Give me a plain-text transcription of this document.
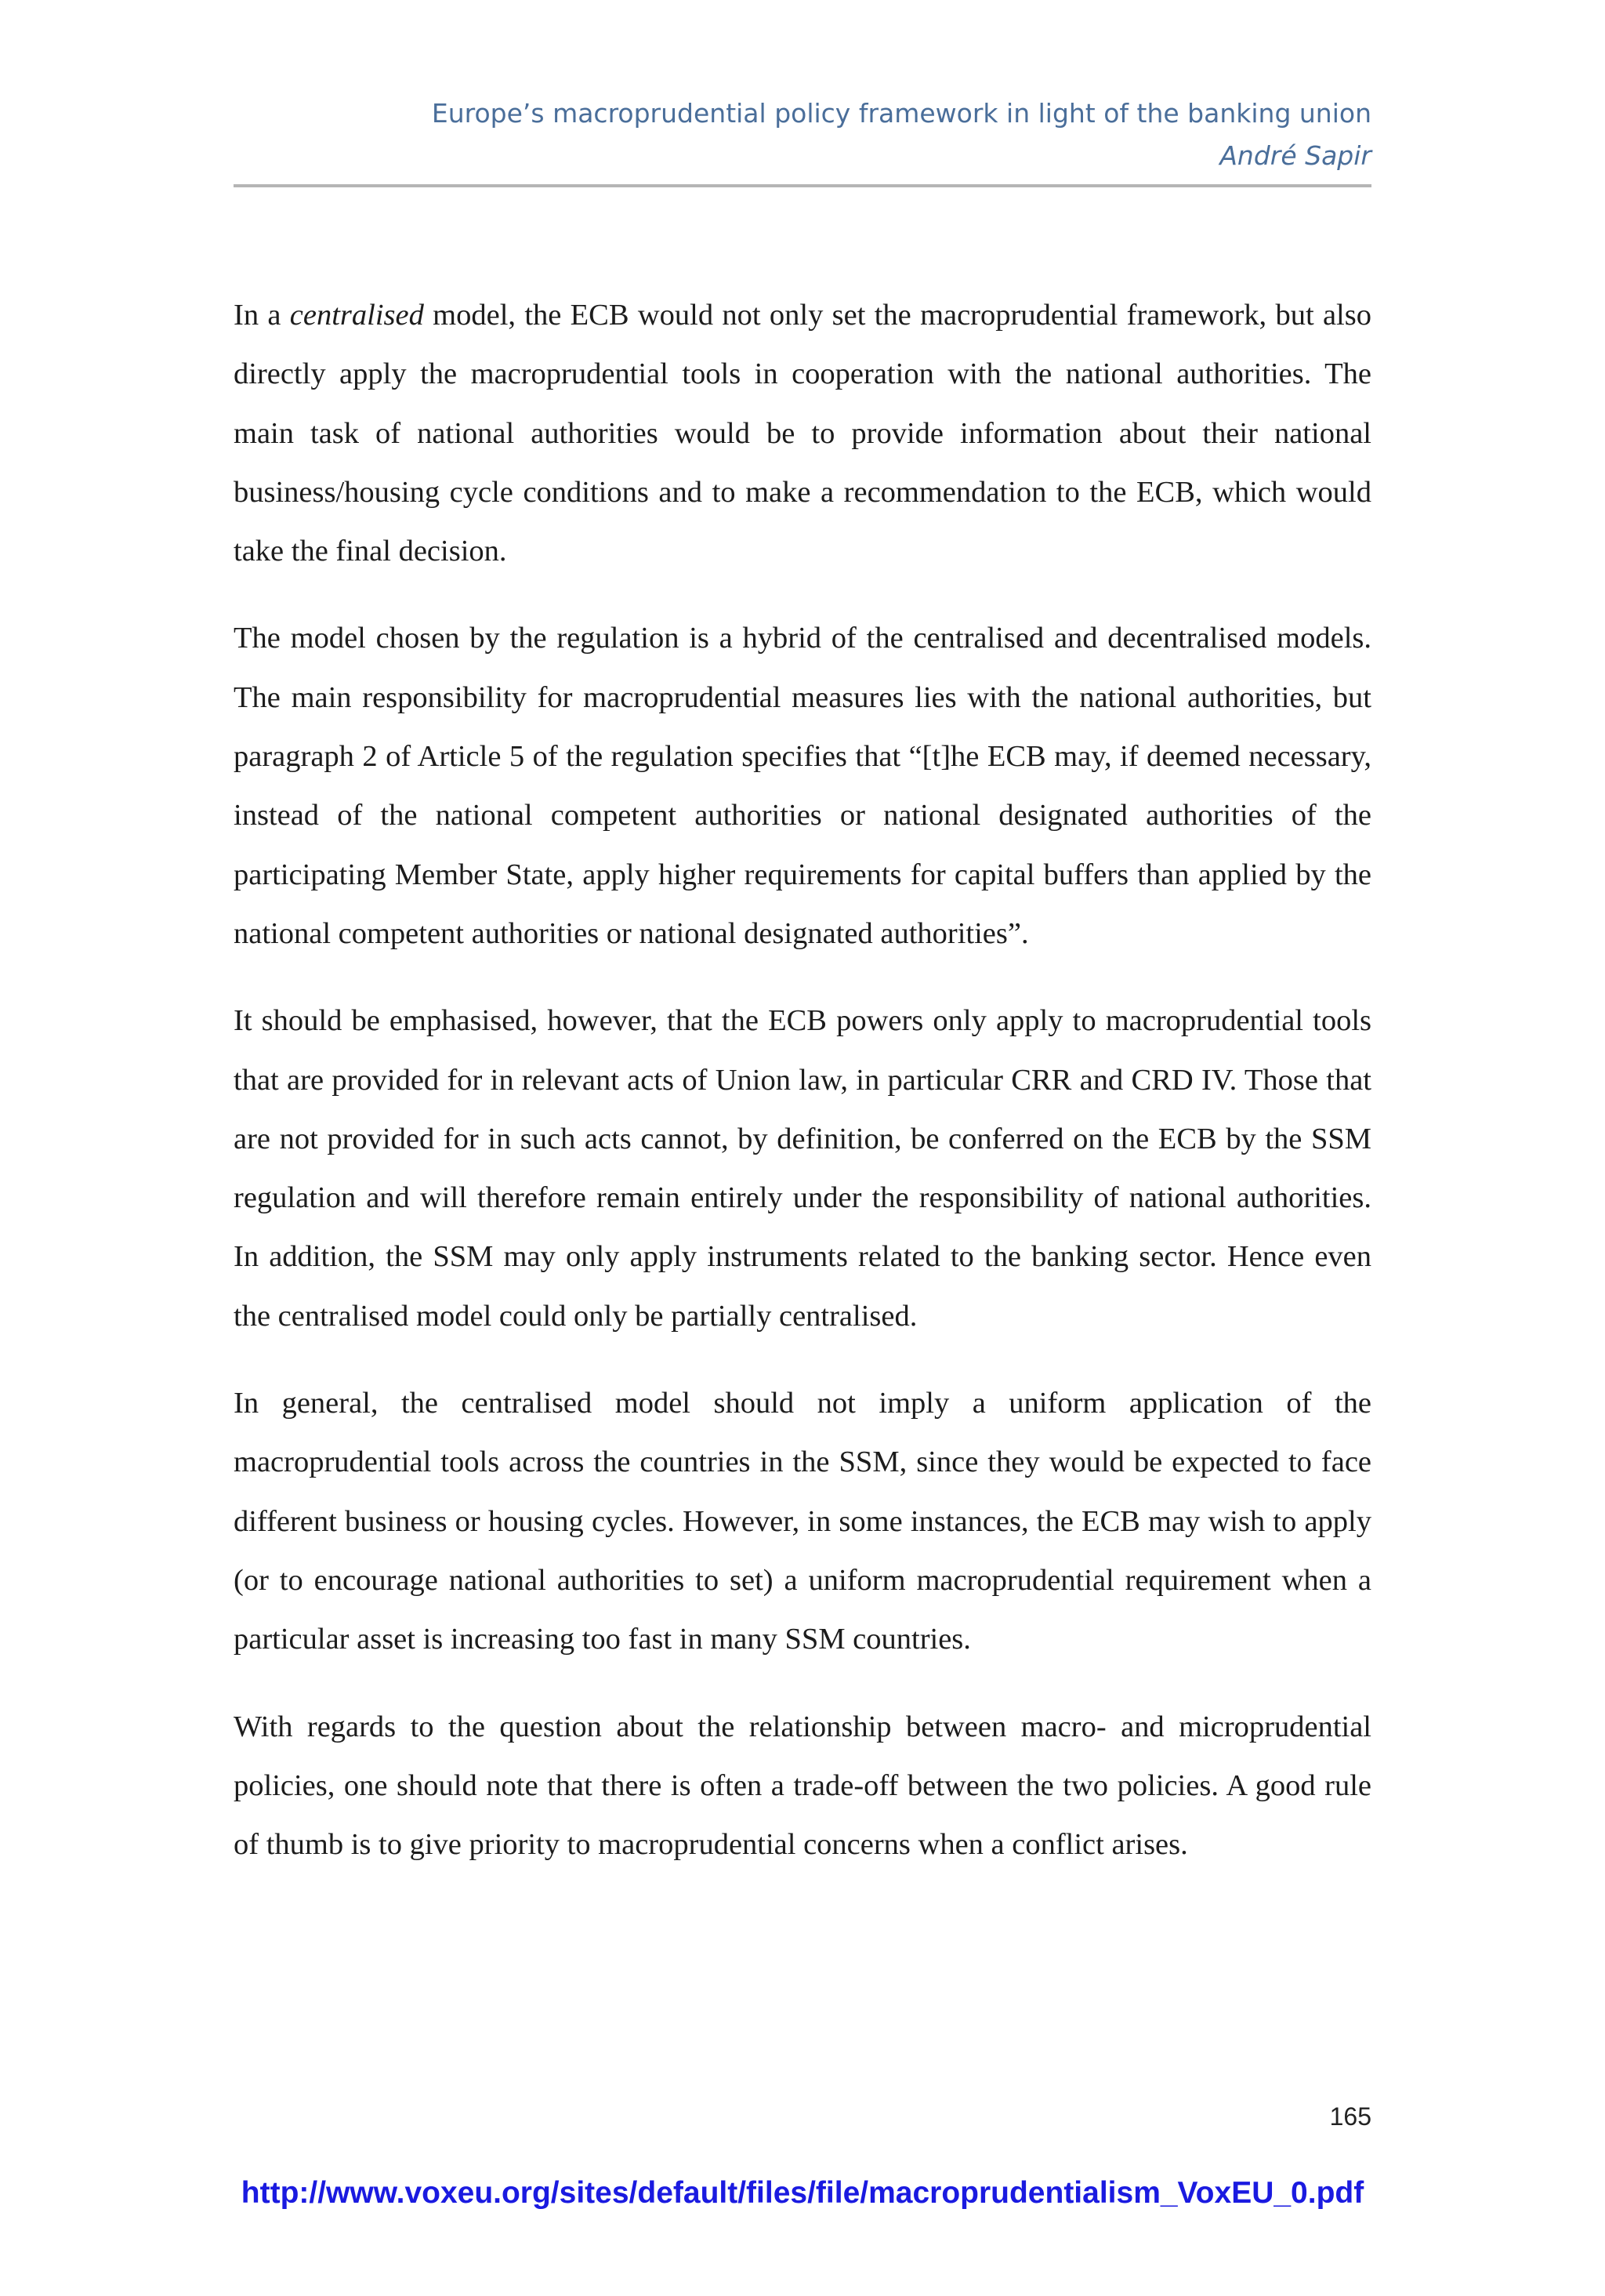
Europe’s macroprudential policy framework in light of the banking union
André Sapir

In a centralised model, the ECB would not only set the macroprudential framework, but also directly apply the macroprudential tools in cooperation with the national authorities. The main task of national authorities would be to provide information about their national business/housing cycle conditions and to make a recommendation to the ECB, which would take the final decision.

The model chosen by the regulation is a hybrid of the centralised and decentralised models. The main responsibility for macroprudential measures lies with the national authorities, but paragraph 2 of Article 5 of the regulation specifies that “[t]he ECB may, if deemed necessary, instead of the national competent authorities or national designated authorities of the participating Member State, apply higher requirements for capital buffers than applied by the national competent authorities or national designated authorities”.

It should be emphasised, however, that the ECB powers only apply to macroprudential tools that are provided for in relevant acts of Union law, in particular CRR and CRD IV. Those that are not provided for in such acts cannot, by definition, be conferred on the ECB by the SSM regulation and will therefore remain entirely under the responsibility of national authorities. In addition, the SSM may only apply instruments related to the banking sector. Hence even the centralised model could only be partially centralised.

In general, the centralised model should not imply a uniform application of the macroprudential tools across the countries in the SSM, since they would be expected to face different business or housing cycles. However, in some instances, the ECB may wish to apply (or to encourage national authorities to set) a uniform macroprudential requirement when a particular asset is increasing too fast in many SSM countries.

With regards to the question about the relationship between macro- and microprudential policies, one should note that there is often a trade-off between the two policies. A good rule of thumb is to give priority to macroprudential concerns when a conflict arises.

165
http://www.voxeu.org/sites/default/files/file/macroprudentialism_VoxEU_0.pdf
